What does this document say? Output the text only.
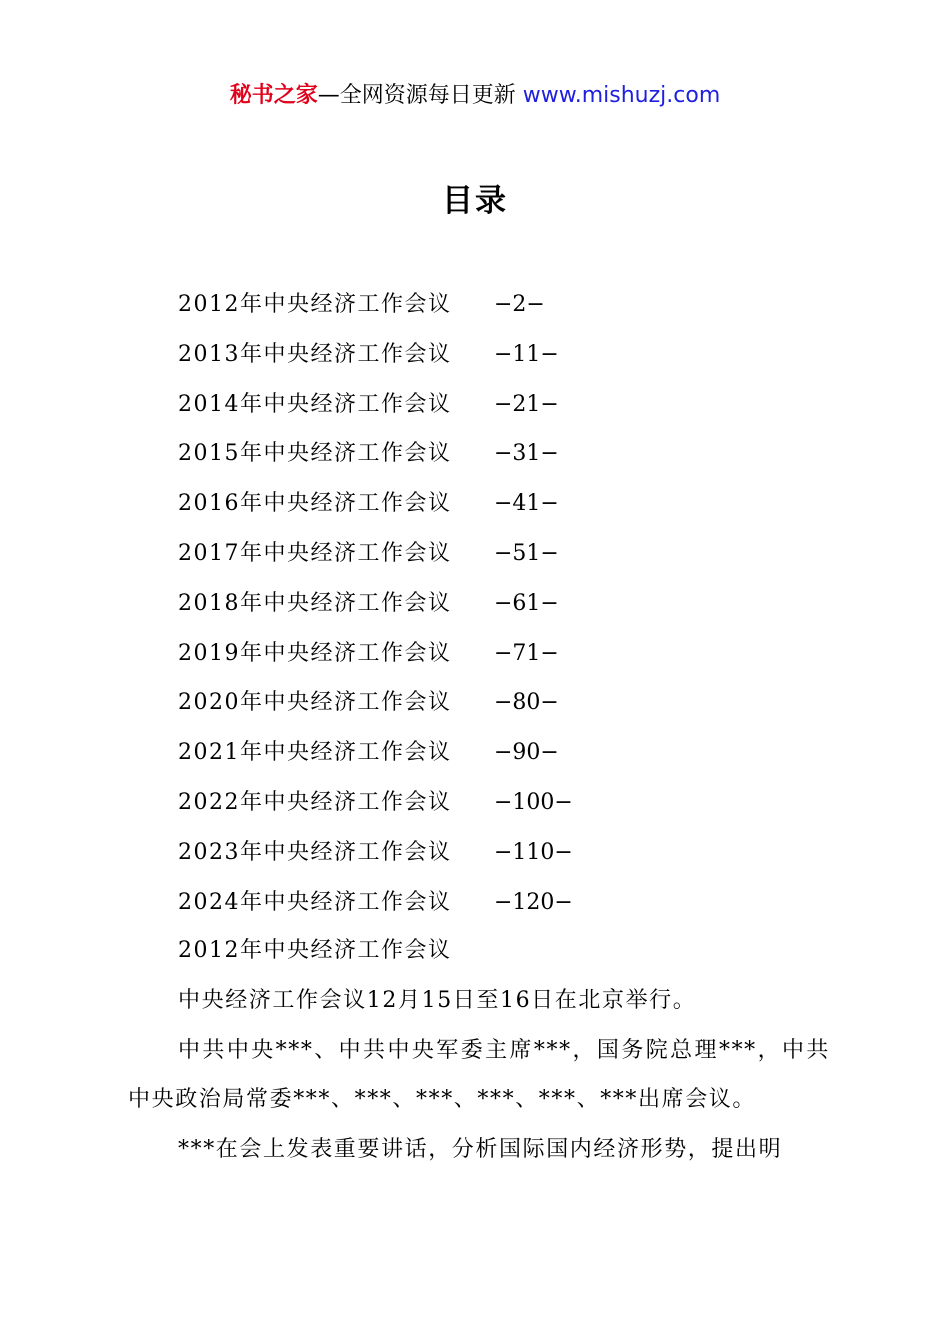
秘书之家—全网资源每日更新 www.mishuzj.com
目录
2012年中央经济工作会议	−2−
2013年中央经济工作会议	−11−
2014年中央经济工作会议	−21−
2015年中央经济工作会议	−31−
2016年中央经济工作会议	−41−
2017年中央经济工作会议	−51−
2018年中央经济工作会议	−61−
2019年中央经济工作会议	−71−
2020年中央经济工作会议	−80−
2021年中央经济工作会议	−90−
2022年中央经济工作会议	−100−
2023年中央经济工作会议	−110−
2024年中央经济工作会议	−120−
2012年中央经济工作会议

中央经济工作会议12月15日至16日在北京举行。

中共中央***、中共中央军委主席***，国务院总理***，中共中央政治局常委***、***、***、***、***、***出席会议。

***在会上发表重要讲话，分析国际国内经济形势，提出明
